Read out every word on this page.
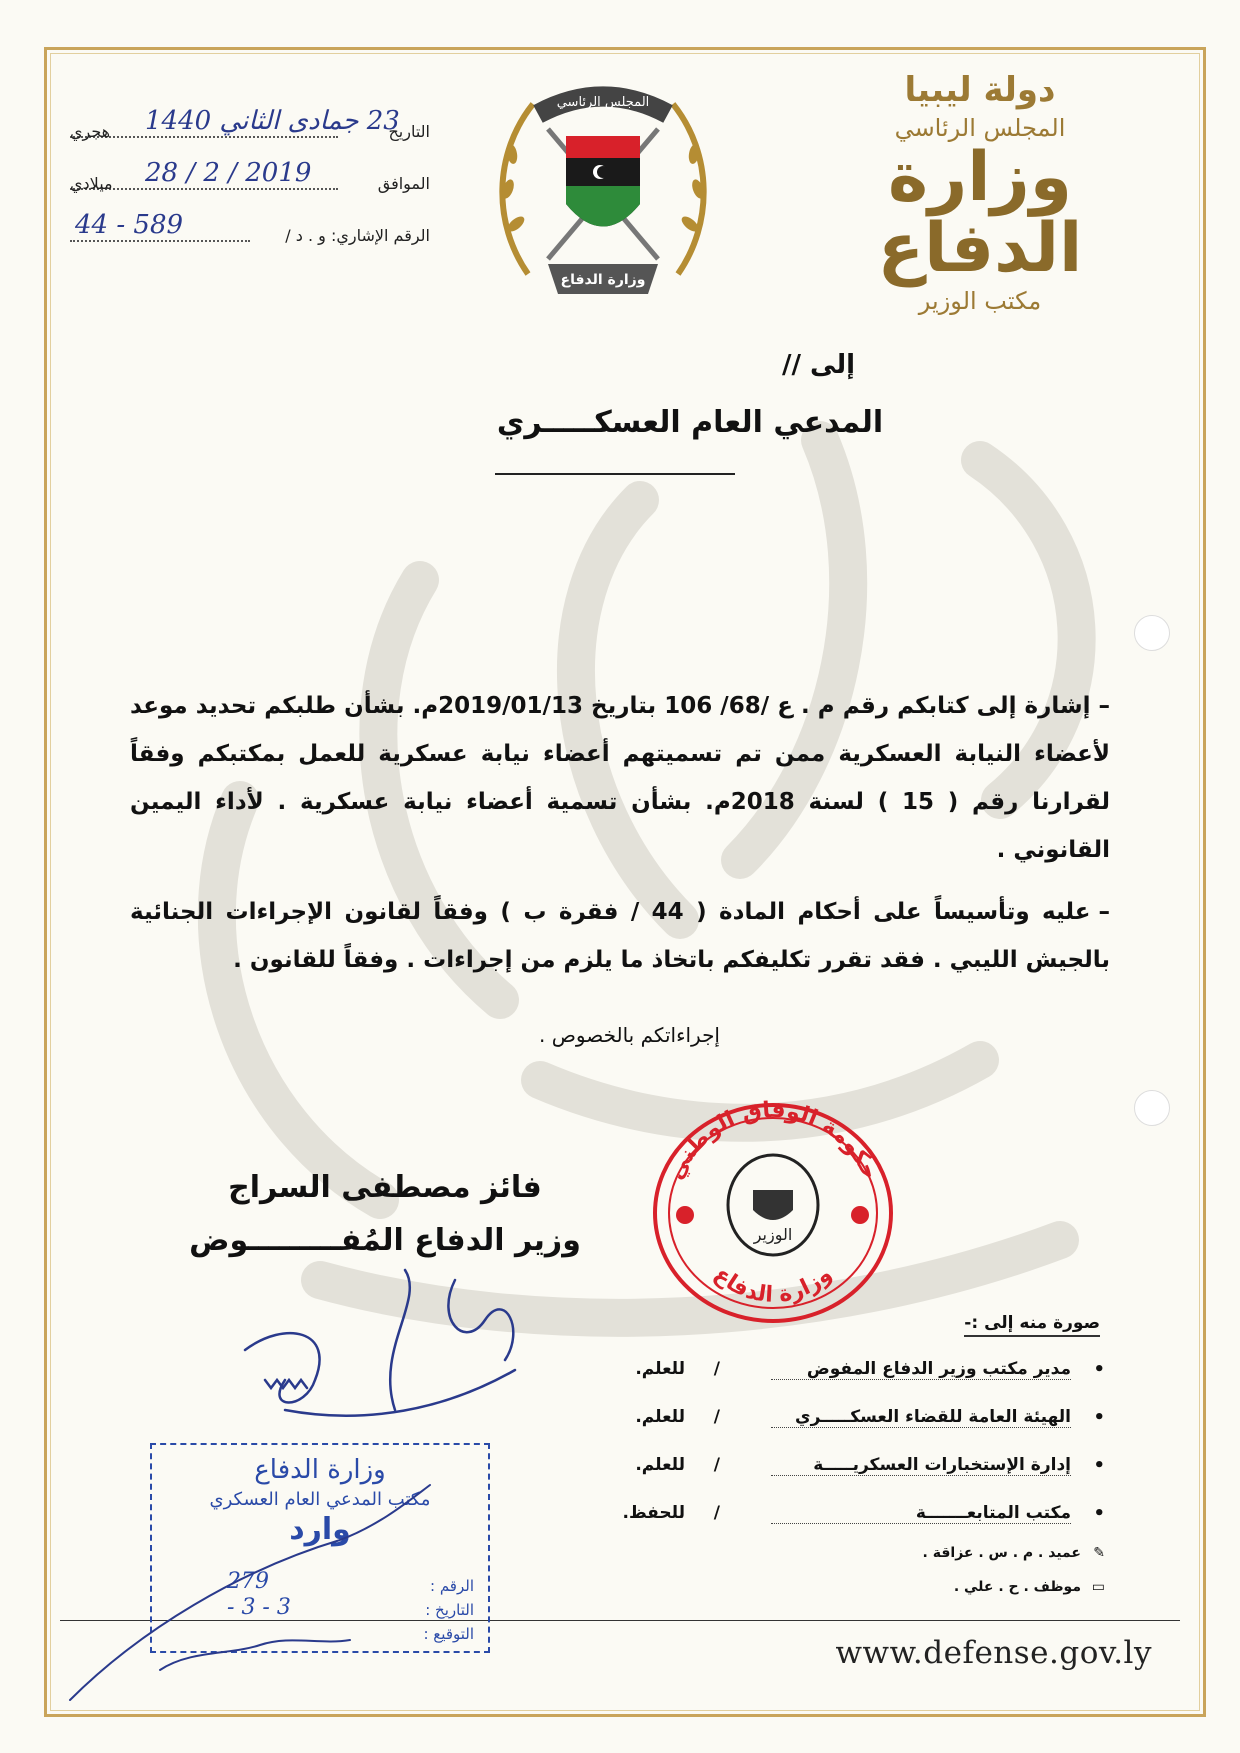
دولة ليبيا
المجلس الرئاسي
وزارة الدفاع
مكتب الوزير
المجلس الرئاسي
وزارة الدفاع
التاريخ
23 جمادى الثاني 1440
هجري
الموافق
2019 / 2 / 28
ميلادي
الرقم الإشاري: و . د /
589 - 44
إلى //
المدعي العام العسكـــــري

–إشارة إلى كتابكم رقم م . ع /68/ 106 بتاريخ 2019/01/13م. بشأن طلبكم تحديد موعد لأعضاء النيابة العسكرية ممن تم تسميتهم أعضاء نيابة عسكرية للعمل بمكتبكم وفقاً لقرارنا رقم ( 15 ) لسنة 2018م. بشأن تسمية أعضاء نيابة عسكرية . لأداء اليمين القانوني .

–عليه وتأسيساً على أحكام المادة ( 44 / فقرة ب ) وفقاً لقانون الإجراءات الجنائية بالجيش الليبي . فقد تقرر تكليفكم باتخاذ ما يلزم من إجراءات . وفقاً للقانون .

إجراءاتكم بالخصوص .
حكومة الوفاق الوطني
وزارة الدفاع
الوزير
فائز مصطفى السراج
وزير الدفاع المُفـــــــــوض
صورة منه إلى :-
•
مدير مكتب وزير الدفاع المفوض
/
للعلم.
•
الهيئة العامة للقضاء العسكـــــري
/
للعلم.
•
إدارة الإستخبارات العسكريـــــة
/
للعلم.
•
مكتب المتابعـــــــة
/
للحفظ.
✎عميد . م . س . عزاقة .
▭موظف . ح . علي .
www.defense.gov.ly
وزارة الدفاع
مكتب المدعي العام العسكري
وارد
الرقم :
279
التاريخ :
3 - 3 -
التوقيع :
